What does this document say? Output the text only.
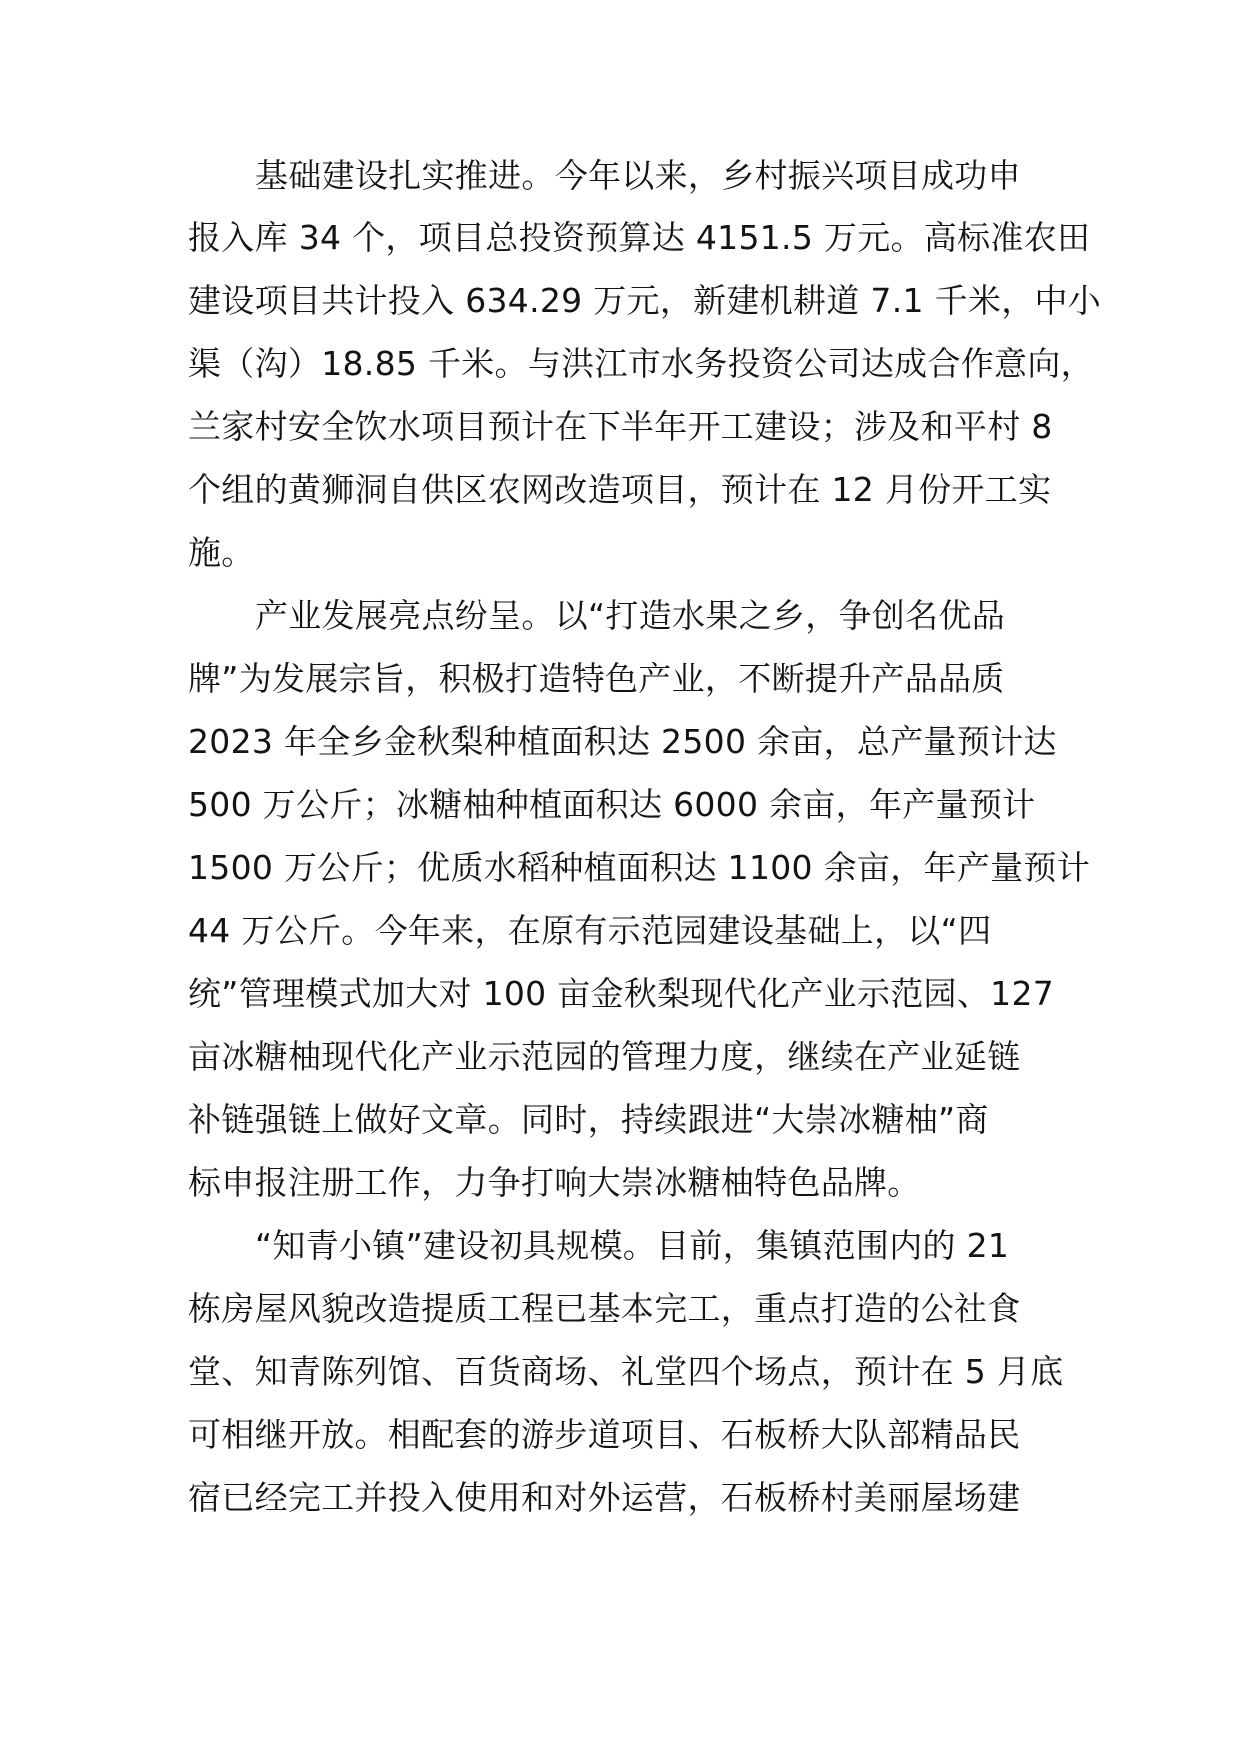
基础建设扎实推进。今年以来，乡村振兴项目成功申
报入库 34 个，项目总投资预算达 4151.5 万元。高标准农田
建设项目共计投入 634.29 万元，新建机耕道 7.1 千米，中小
渠（沟）18.85 千米。与洪江市水务投资公司达成合作意向，
兰家村安全饮水项目预计在下半年开工建设；涉及和平村 8
个组的黄狮洞自供区农网改造项目，预计在 12 月份开工实
施。
产业发展亮点纷呈。以“打造水果之乡，争创名优品
牌”为发展宗旨，积极打造特色产业，不断提升产品品质
2023 年全乡金秋梨种植面积达 2500 余亩，总产量预计达
500 万公斤；冰糖柚种植面积达 6000 余亩，年产量预计
1500 万公斤；优质水稻种植面积达 1100 余亩，年产量预计
44 万公斤。今年来，在原有示范园建设基础上，以“四
统”管理模式加大对 100 亩金秋梨现代化产业示范园、127
亩冰糖柚现代化产业示范园的管理力度，继续在产业延链
补链强链上做好文章。同时，持续跟进“大崇冰糖柚”商
标申报注册工作，力争打响大崇冰糖柚特色品牌。
“知青小镇”建设初具规模。目前，集镇范围内的 21
栋房屋风貌改造提质工程已基本完工，重点打造的公社食
堂、知青陈列馆、百货商场、礼堂四个场点，预计在 5 月底
可相继开放。相配套的游步道项目、石板桥大队部精品民
宿已经完工并投入使用和对外运营，石板桥村美丽屋场建
